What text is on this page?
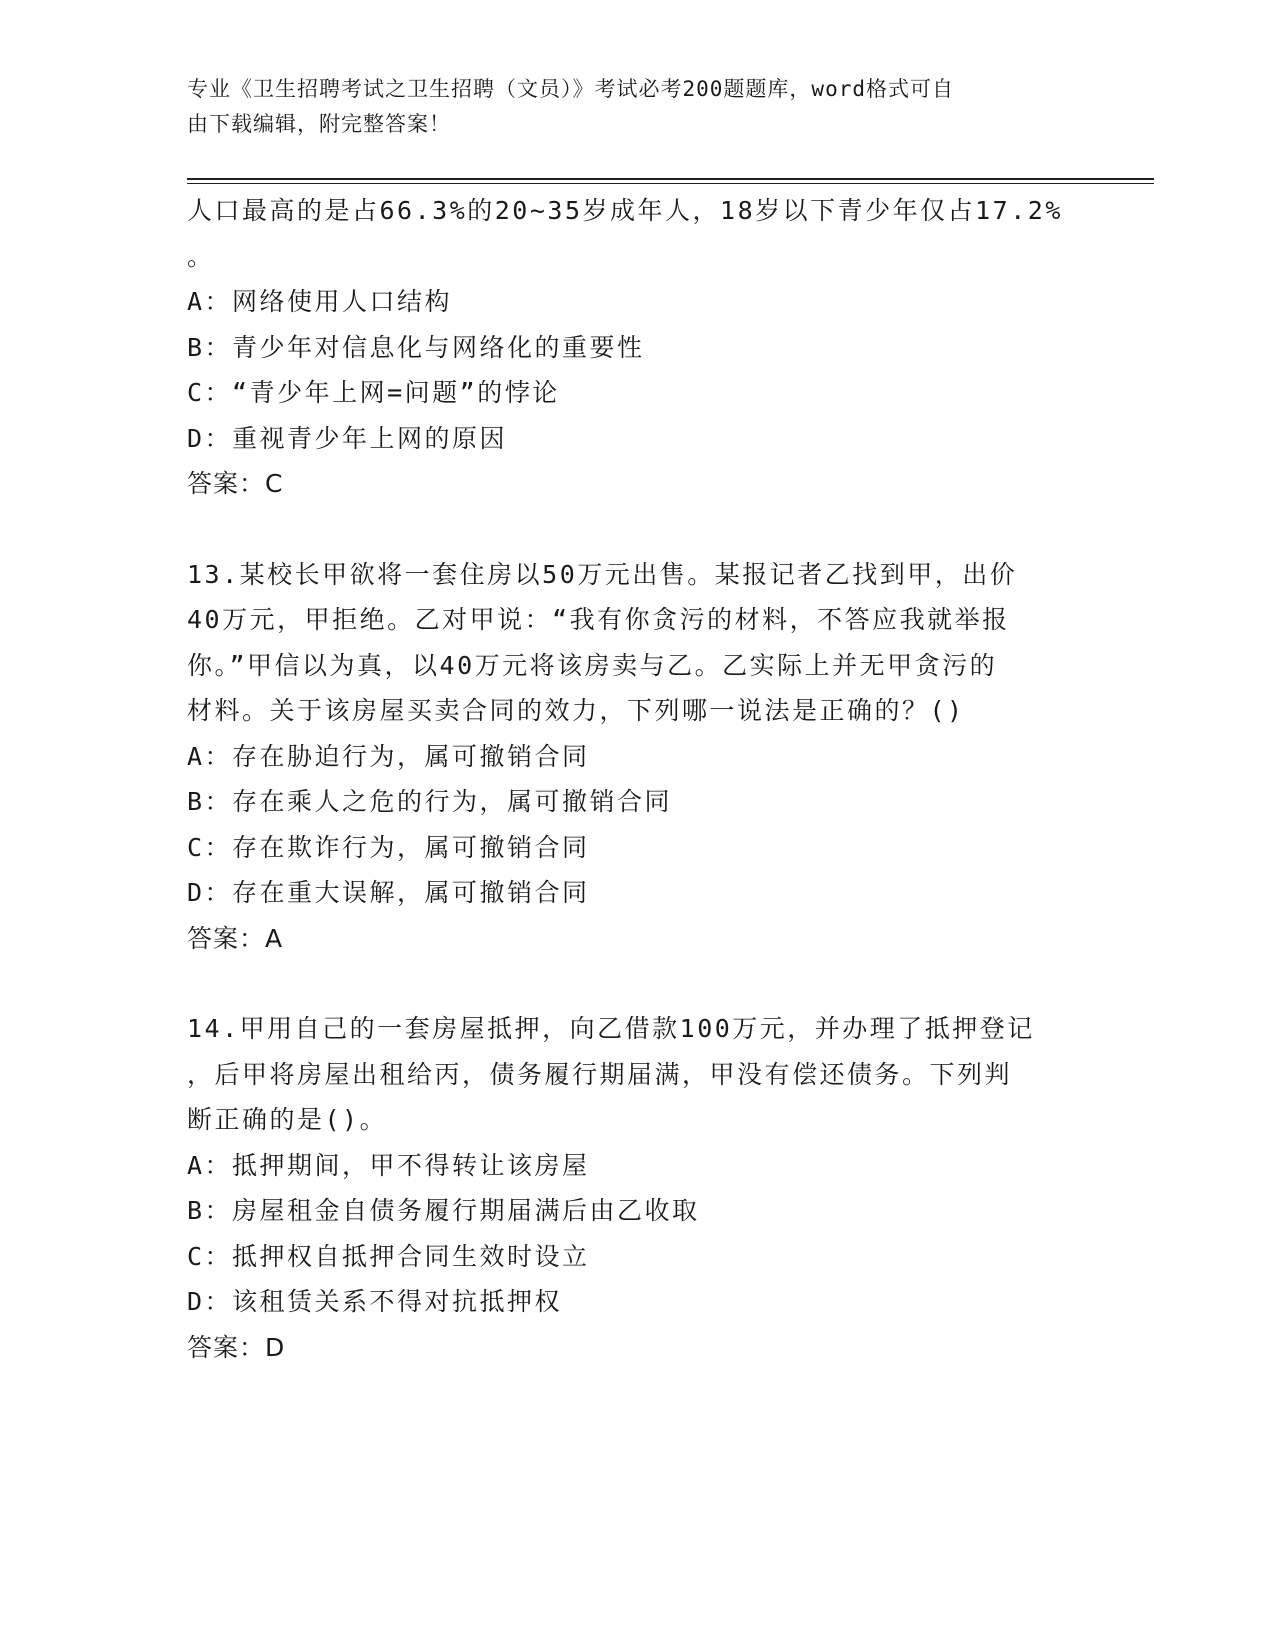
专业《卫生招聘考试之卫生招聘（文员）》考试必考200题题库，word格式可自
由下载编辑，附完整答案！
人口最高的是占66.3%的20~35岁成年人，18岁以下青少年仅占17.2%
。
A：网络使用人口结构
B：青少年对信息化与网络化的重要性
C：“青少年上网=问题”的悖论
D：重视青少年上网的原因
答案：C
13.某校长甲欲将一套住房以50万元出售。某报记者乙找到甲，出价
40万元，甲拒绝。乙对甲说：“我有你贪污的材料，不答应我就举报
你。”甲信以为真，以40万元将该房卖与乙。乙实际上并无甲贪污的
材料。关于该房屋买卖合同的效力，下列哪一说法是正确的？()
A：存在胁迫行为，属可撤销合同
B：存在乘人之危的行为，属可撤销合同
C：存在欺诈行为，属可撤销合同
D：存在重大误解，属可撤销合同
答案：A
14.甲用自己的一套房屋抵押，向乙借款100万元，并办理了抵押登记
，后甲将房屋出租给丙，债务履行期届满，甲没有偿还债务。下列判
断正确的是()。
A：抵押期间，甲不得转让该房屋
B：房屋租金自债务履行期届满后由乙收取
C：抵押权自抵押合同生效时设立
D：该租赁关系不得对抗抵押权
答案：D
